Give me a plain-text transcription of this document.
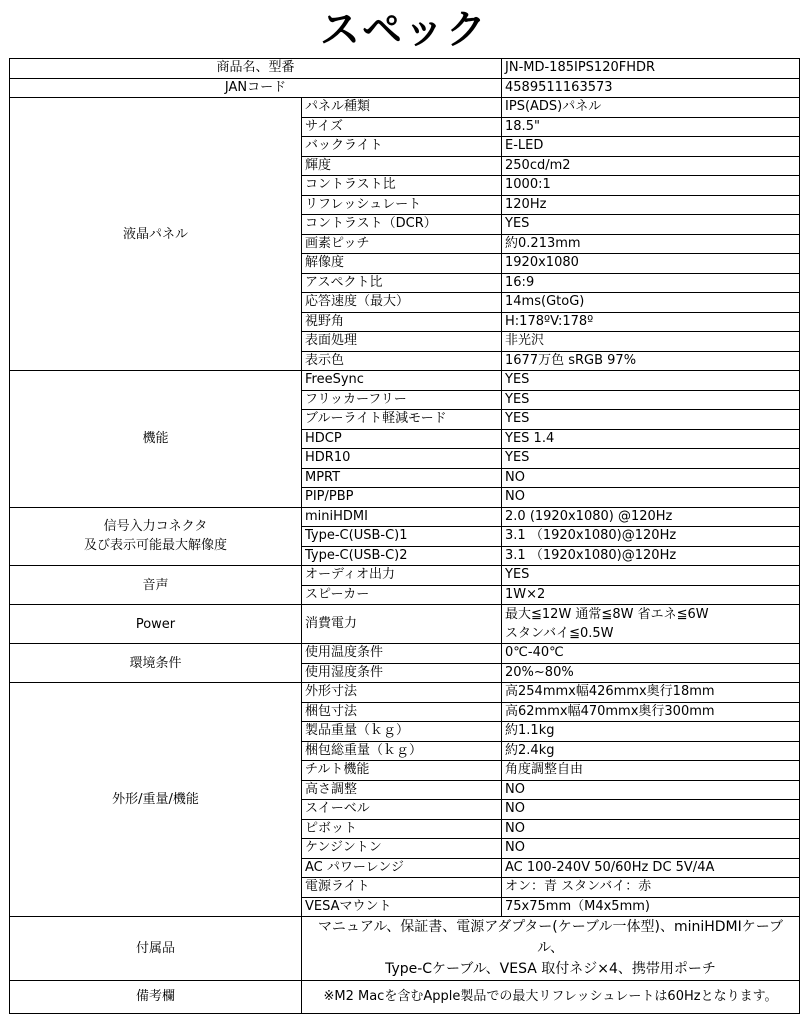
スペック
商品名、型番		JN-MD-185IPS120FHDR
JANコード		4589511163573

液晶パネル	パネル種類	IPS(ADS)パネル
	サイズ	18.5"
	バックライト	E-LED
	輝度	250cd/m2
	コントラスト比	1000:1
	リフレッシュレート	120Hz
	コントラスト（DCR）	YES
	画素ピッチ	約0.213mm
	解像度	1920x1080
	アスペクト比	16:9
	応答速度（最大）	14ms(GtoG)
	視野角	H:178ºV:178º
	表面処理	非光沢
	表示色	1677万色 sRGB 97%

機能	FreeSync	YES
	フリッカーフリー	YES
	ブルーライト軽減モード	YES
	HDCP	YES 1.4
	HDR10	YES
	MPRT	NO
	PIP/PBP	NO

信号入力コネクタ
及び表示可能最大解像度	miniHDMI	2.0 (1920x1080) @120Hz
	Type-C(USB-C)1	3.1 （1920x1080)@120Hz
	Type-C(USB-C)2	3.1 （1920x1080)@120Hz

音声	オーディオ出力	YES
	スピーカー	1W×2

Power	消費電力	最大≦12W 通常≦8W 省エネ≦6W
スタンバイ≦0.5W

環境条件	使用温度条件	0℃-40℃
	使用湿度条件	20%~80%

外形/重量/機能	外形寸法	高254mmx幅426mmx奥行18mm
	梱包寸法	高62mmx幅470mmx奥行300mm
	製品重量（ｋｇ）	約1.1kg
	梱包総重量（ｋｇ）	約2.4kg
	チルト機能	角度調整自由
	高さ調整	NO
	スイーベル	NO
	ピボット	NO
	ケンジントン	NO
	AC パワーレンジ	AC 100-240V 50/60Hz DC 5V/4A
	電源ライト	オン：青 スタンバイ：赤
	VESAマウント	75x75mm（M4x5mm)
付属品	マニュアル、保証書、電源アダプター(ケーブル一体型)、miniHDMIケーブル、
Type-Cケーブル、VESA 取付ネジ×4、携帯用ポーチ	

備考欄	※M2 Macを含むApple製品での最大リフレッシュレートは60Hzとなります。	
